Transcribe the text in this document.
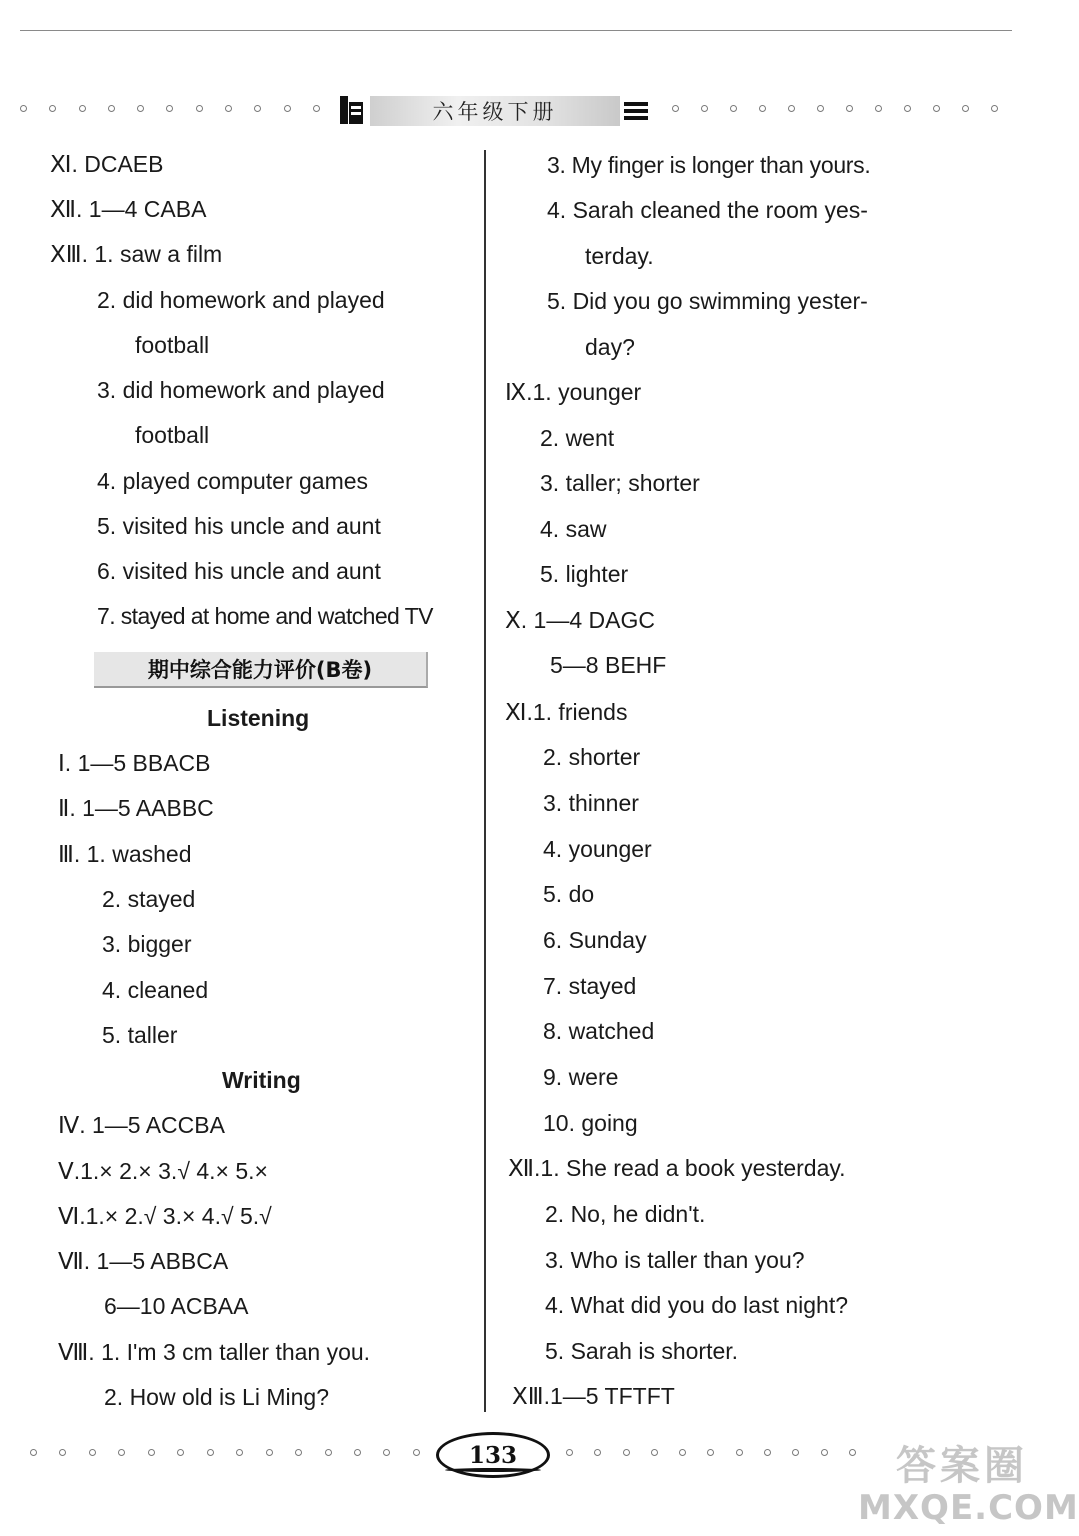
六年级下册
Ⅺ. DCAEB
Ⅻ. 1—4 CABA
ⅩⅢ. 1. saw a film
2. did homework and played
football
3. did homework and played
football
4. played computer games
5. visited his uncle and aunt
6. visited his uncle and aunt
7. stayed at home and watched TV
期中综合能力评价(B卷)
Listening
Ⅰ. 1—5 BBACB
Ⅱ. 1—5 AABBC
Ⅲ. 1. washed
2. stayed
3. bigger
4. cleaned
5. taller
Writing
Ⅳ. 1—5 ACCBA
Ⅴ.1.× 2.× 3.√ 4.× 5.×
Ⅵ.1.× 2.√ 3.× 4.√ 5.√
Ⅶ. 1—5 ABBCA
6—10 ACBAA
Ⅷ. 1. I'm 3 cm taller than you.
2. How old is Li Ming?
3. My finger is longer than yours.
4. Sarah cleaned the room yes-
terday.
5. Did you go swimming yester-
day?
Ⅸ.1. younger
2. went
3. taller; shorter
4. saw
5. lighter
Ⅹ. 1—4 DAGC
5—8 BEHF
Ⅺ.1. friends
2. shorter
3. thinner
4. younger
5. do
6. Sunday
7. stayed
8. watched
9. were
10. going
Ⅻ.1. She read a book yesterday.
2. No, he didn't.
3. Who is taller than you?
4. What did you do last night?
5. Sarah is shorter.
ⅩⅢ.1—5 TFTFT
133	答案圈
MXQE.COM
